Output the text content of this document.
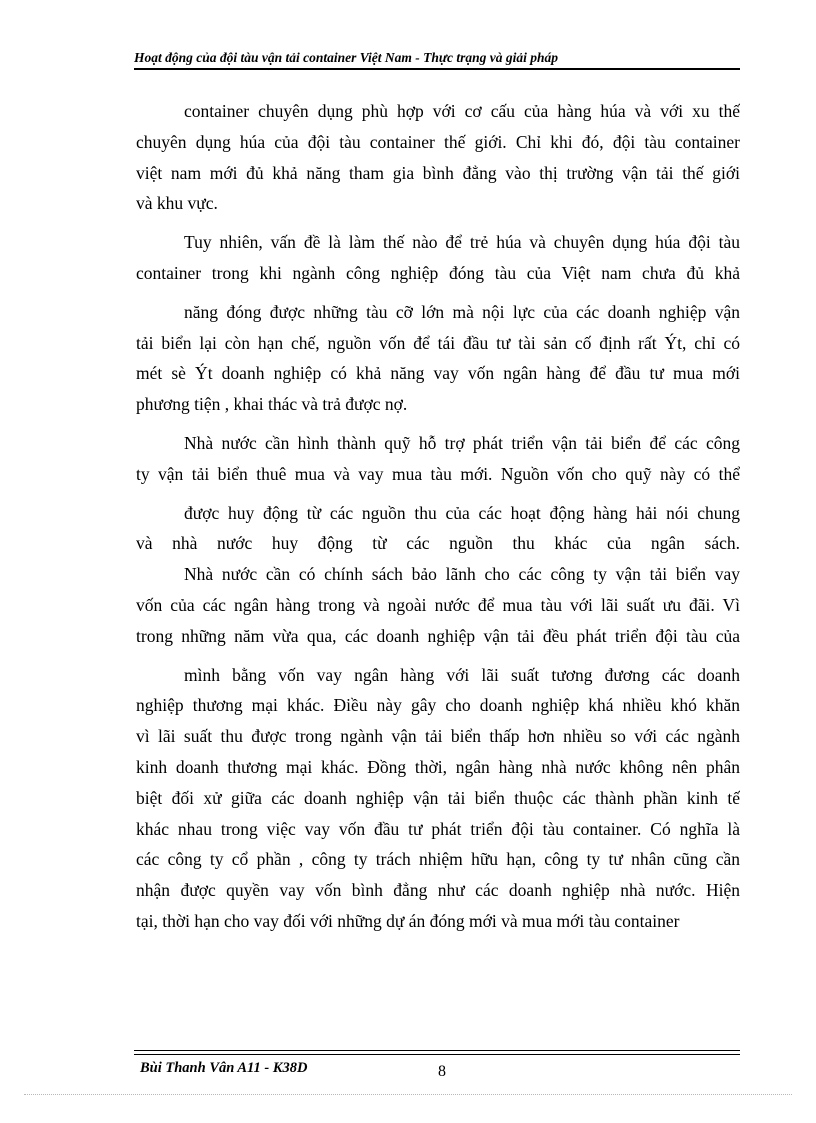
Hoạt động của đội tàu vận tải container Việt Nam - Thực trạng và giải pháp
container chuyên dụng phù hợp với cơ cấu của hàng húa và với xu thế
chuyên dụng húa của đội tàu container thế giới. Chỉ khi đó, đội tàu container
việt nam mới đủ khả năng tham gia bình đẳng vào thị trường vận tải thế giới
và khu vực.
Tuy nhiên, vấn đề là làm thế nào để trẻ húa và chuyên dụng húa đội tàu
container trong khi ngành công nghiệp đóng tàu của Việt nam chưa đủ khả
năng đóng được những tàu cỡ lớn mà nội lực của các doanh nghiệp vận
tải biển lại còn hạn chế, nguồn vốn để tái đầu tư tài sản cố định rất Ýt, chỉ có
mét sè Ýt doanh nghiệp có khả năng vay vốn ngân hàng để đầu tư mua mới
phương tiện , khai thác và trả được nợ.
Nhà nước cần hình thành quỹ hỗ trợ phát triển vận tải biển để các công
ty vận tải biển thuê mua và vay mua tàu mới. Nguồn vốn cho quỹ này có thể
được huy động từ các nguồn thu của các hoạt động hàng hải nói chung
và nhà nước huy động từ các nguồn thu khác của ngân sách.
Nhà nước cần có chính sách bảo lãnh cho các công ty vận tải biển vay
vốn của các ngân hàng trong và ngoài nước để mua tàu với lãi suất ưu đãi. Vì
trong những năm vừa qua, các doanh nghiệp vận tải đều phát triển đội tàu của
mình bằng vốn vay ngân hàng với lãi suất tương đương các doanh
nghiệp thương mại khác. Điều này gây cho doanh nghiệp khá nhiều khó khăn
vì lãi suất thu được trong ngành vận tải biển thấp hơn nhiều so với các ngành
kinh doanh thương mại khác. Đồng thời, ngân hàng nhà nước không nên phân
biệt đối xử giữa các doanh nghiệp vận tải biển thuộc các thành phần kinh tế
khác nhau trong việc vay vốn đầu tư phát triển đội tàu container. Có nghĩa là
các công ty cổ phần , công ty trách nhiệm hữu hạn, công ty tư nhân cũng cần
nhận được quyền vay vốn bình đẳng như các doanh nghiệp nhà nước. Hiện
tại, thời hạn cho vay đối với những dự án đóng mới và mua mới tàu container
Bùi Thanh Vân A11 - K38D	8
